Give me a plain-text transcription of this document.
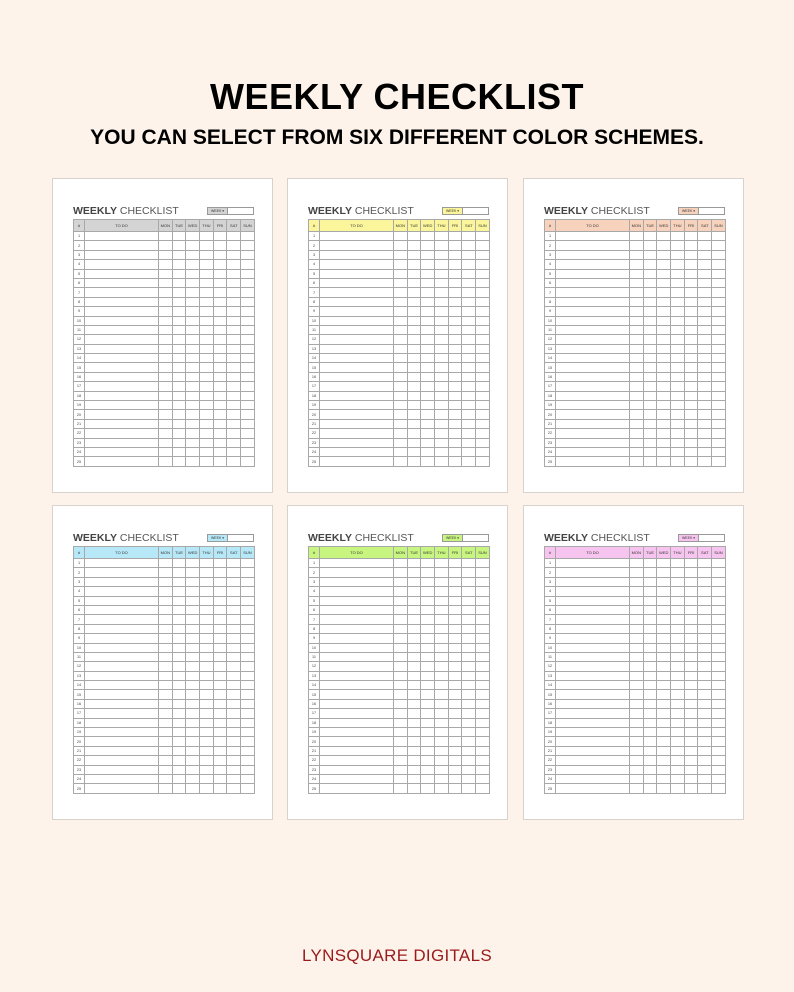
WEEKLY CHECKLIST
YOU CAN SELECT FROM SIX DIFFERENT COLOR SCHEMES.
WEEKLY CHECKLIST	WEEK ▾
#	TO DO	MON	TUE	WED	THU	FRI	SAT	SUN
1								
2								
3								
4								
5								
6								
7								
8								
9								
10								
11								
12								
13								
14								
15								
16								
17								
18								
19								
20								
21								
22								
23								
24								
25								
WEEKLY CHECKLIST	WEEK ▾
#	TO DO	MON	TUE	WED	THU	FRI	SAT	SUN
1								
2								
3								
4								
5								
6								
7								
8								
9								
10								
11								
12								
13								
14								
15								
16								
17								
18								
19								
20								
21								
22								
23								
24								
25								
WEEKLY CHECKLIST	WEEK ▾
#	TO DO	MON	TUE	WED	THU	FRI	SAT	SUN
1								
2								
3								
4								
5								
6								
7								
8								
9								
10								
11								
12								
13								
14								
15								
16								
17								
18								
19								
20								
21								
22								
23								
24								
25								
WEEKLY CHECKLIST	WEEK ▾
#	TO DO	MON	TUE	WED	THU	FRI	SAT	SUN
1								
2								
3								
4								
5								
6								
7								
8								
9								
10								
11								
12								
13								
14								
15								
16								
17								
18								
19								
20								
21								
22								
23								
24								
25								
WEEKLY CHECKLIST	WEEK ▾
#	TO DO	MON	TUE	WED	THU	FRI	SAT	SUN
1								
2								
3								
4								
5								
6								
7								
8								
9								
10								
11								
12								
13								
14								
15								
16								
17								
18								
19								
20								
21								
22								
23								
24								
25								
WEEKLY CHECKLIST	WEEK ▾
#	TO DO	MON	TUE	WED	THU	FRI	SAT	SUN
1								
2								
3								
4								
5								
6								
7								
8								
9								
10								
11								
12								
13								
14								
15								
16								
17								
18								
19								
20								
21								
22								
23								
24								
25								
LYNSQUARE DIGITALS
